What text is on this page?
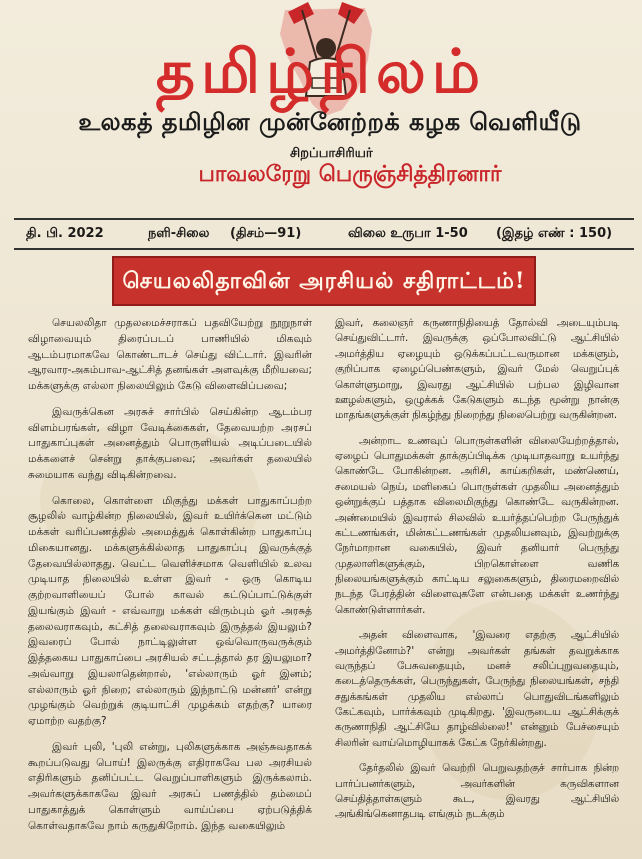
தமிழ்நிலம்
உலகத் தமிழின முன்னேற்றக் கழக வெளியீடு
சிறப்பாசிரியர்
பாவலரேறு பெருஞ்சித்திரனார்
தி. பி. 2022	நளி-சிலை (திசம்—91)	விலை உருபா 1-50 (இதழ் எண் : 150)
செயலலிதாவின் அரசியல் சதிராட்டம்!

செயலலிதா முதலமைச்சராகப் பதவியேற்று நூறுநாள் விழாவையும் திரைப்படப் பாணியில் மிகவும் ஆடம்பரமாகவே கொண்டாடச் செய்து விட்டார். இவரின் ஆரவார-அகம்பாவ-ஆட்சித் தனங்கள் அளவுக்கு மீறியவை; மக்களுக்கு எல்லா நிலையிலும் கேடு விளைவிப்பவை;

இவருக்கென அரசுச் சார்பில் செய்கின்ற ஆடம்பர விளம்பரங்கள், விழா வேடிக்கைகள், தேவையற்ற அரசப் பாதுகாப்புகள் அனைத்தும் பொருளியல் அடிப்படையில் மக்களைச் சென்று தாக்குபவை; அவர்கள் தலையில் சுமையாக வந்து விடிகின்றவை.

கொலை, கொள்ளை மிகுந்து மக்கள் பாதுகாப்பற்ற சூழலில் வாழ்கின்ற நிலையில், இவர் உயிர்க்கென மட்டும் மக்கள் வரிப்பணத்தில் அமைத்துக் கொள்கின்ற பாதுகாப்பு மிகையானது. மக்களுக்கில்லாத பாதுகாப்பு இவருக்குத் தேவையில்லாதது. வெட்ட வெளிச்சமாக வெளியில் உலவ முடியாத நிலையில் உள்ள இவர் - ஒரு கொடிய குற்றவாளியைப் போல் காவல் கட்டுப்பாட்டுக்குள் இயங்கும் இவர் - எவ்வாறு மக்கள் விரும்பும் ஓர் அரசுத் தலைவராகவும், கட்சித் தலைவராகவும் இருத்தல் இயலும்? இவரைப் போல் நாட்டிலுள்ள ஒவ்வொருவருக்கும் இத்தகைய பாதுகாப்பை அரசியல் சட்டத்தால் தர இயலுமா? அவ்வாறு இயலாதென்றால், 'எல்லாரும் ஓர் இனம்; எல்லாரும் ஓர் நிறை; எல்லாரும் இந்நாட்டு மன்னர்' என்று முழங்கும் வெற்றுக் குடியாட்சி முழக்கம் எதற்கு? யாரை ஏமாற்ற வதற்கு?

இவர் புலி, 'புலி என்று, புலிகளுக்காக அஞ்சுவதாகக் கூறப்படுவது பொய்! இலருக்கு எதிராகவே பல அரசியல் எதிரிகளும் தனிப்பட்ட வெறுப்பாளிகளும் இருக்கலாம். அவர்களுக்காகவே இவர் அரசுப் பணத்தில் தம்மைப் பாதுகாத்துக் கொள்ளும் வாய்ப்பை ஏற்படுத்திக் கொள்வதாகவே நாம் கருதுகிறோம். இந்த வகையிலும்

இவர், கலைஞர் கருணாநிதியைத் தோல்வி அடையும்படி செய்துவிட்டார். இவருக்கு ஒப்போலவிட்டு ஆட்சியில் அமர்த்திய ஏழையும் ஒடுக்கப்பட்டவருமான மக்களும், குறிப்பாக ஏழைப்பெண்களும், இவர் மேல் வெறுப்புக் கொள்ளுமாறு, இவரது ஆட்சியில் பற்பல இழிவான ஊழல்களும், ஒழுக்கக் கேடுகளும் கடந்த மூன்று நான்கு மாதங்களுக்குள் நிகழ்ந்து நிறைந்து நிலைபெற்று வருகின்றன.

அன்றாட உணவுப் பொருள்களின் விலையேற்றத்தால், ஏழைப் பொதுமக்கள் தாக்குப்பிடிக்க முடியாதவாறு உயர்ந்து கொண்டே போகின்றன. அரிசி, காய்கறிகள், மண்ணெய், சமையல் நெய், மளிகைப் பொருள்கள் முதலிய அனைத்தும் ஒன்றுக்குப் பத்தாக விலைமிகுந்து கொண்டே வருகின்றன. அண்மையில் இவரால் சிலவில் உயர்த்தப்பெற்ற பேருந்துக் கட்டணங்கள், மின்கட்டணங்கள் முதலியனவும், இவற்றுக்கு நேர்மாறான வகையில், இவர் தனியார் பெருந்து முதலாளிகளுக்கும், பிறகொள்ளை வணிக நிலையங்களுக்கும் காட்டிய சலுகைகளும், திரைமறைவில் நடந்த பேரத்தின் விளைவுகளே என்பதை மக்கள் உணர்ந்து கொண்டுள்ளார்கள்.

அதன் விளைவாக, 'இவரை எதற்கு ஆட்சியில் அமர்த்தினோம்?' என்று அவர்கள் தங்கள் தவறுக்காக வருந்தப் பேசுவதையும், மனச் சலிப்புறுவதையும், கடைத்தெருக்கள், பெருந்துகள், பேருந்து நிலையங்கள், சந்தி சதுக்கங்கள் முதலிய எல்லாப் பொதுவிடங்களிலும் கேட்கவும், பார்க்கவும் முடிகிறது. 'இவருடைய ஆட்சிக்குக் கருணாநிதி ஆட்சியே தாழ்வில்லை!' என்னும் பேச்சையும் சிலரின் வாய்மொழியாகக் கேட்க நேர்கின்றது.

தேர்தலில் இவர் வெற்றி பெறுவதற்குச் சார்பாக நின்ற பார்ப்பனர்களும், அவர்களின் கருவிகளான செய்தித்தாள்களும் கூட, இவரது ஆட்சியில் அங்கிங்கெனாதபடி எங்கும் நடக்கும்
